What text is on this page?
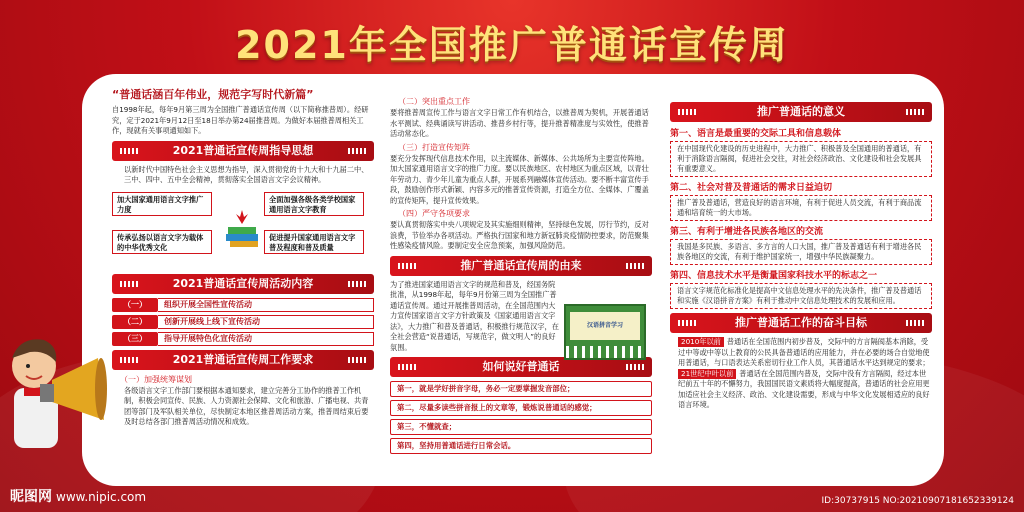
2021年全国推广普通话宣传周
“普通话涵百年伟业，规范字写时代新篇”
自1998年起，每年9月第三周为全国推广普通话宣传周（以下简称推普周）。经研究，定于2021年9月12日至18日举办第24届推普周。为做好本届推普周相关工作，现就有关事项通知如下。
2021普通话宣传周指导思想
以新时代中国特色社会主义思想为指导，深入贯彻党的十九大和十九届二中、三中、四中、五中全会精神，贯彻落实全国语言文字会议精神。
加大国家通用语言文字推广力度
全面加强各级各类学校国家通用语言文字教育
传承弘扬以语言文字为载体的中华优秀文化
促进提升国家通用语言文字普及程度和普及质量
2021普通话宣传周活动内容
（一）	组织开展全国性宣传活动
（二）	创新开展线上线下宣传活动
（三）	指导开展特色化宣传活动
2021普通话宣传周工作要求
（一）加强统筹谋划
各级语言文字工作部门要根据本通知要求，建立完善分工协作的推普工作机制，积极会同宣传、民族、人力资源社会保障、文化和旅游、广播电视、共青团等部门及军队相关单位，尽快制定本地区推普周活动方案，推普周结束后要及时总结各部门推普周活动情况和成效。
（二）突出重点工作
要将推普周宣传工作与语言文字日常工作有机结合，以推普周为契机，开展普通话水平测试、经典诵读写讲活动、推普乡村行等，提升推普精准度与实效性，使推普活动常态化。
（三）打造宣传矩阵
要充分发挥现代信息技术作用，以主流媒体、新媒体、公共场所为主要宣传阵地。加大国家通用语言文字的推广力度。要以民族地区、农村地区为重点区域，以青壮年劳动力、青少年儿童为重点人群，开展系列融媒体宣传活动。要不断丰富宣传手段，鼓励创作形式新颖、内容多元的推普宣传资源，打造全方位、全媒体、广覆盖的宣传矩阵，提升宣传效果。
（四）严守各项要求
要认真贯彻落实中央八项规定及其实施细则精神，坚持绿色发展，厉行节约，反对浪费，节俭举办各项活动。严格执行国家和地方新冠肺炎疫情防控要求，防范聚集性感染疫情风险。要制定安全应急预案，加强风险防范。
推广普通话宣传周的由来
为了推进国家通用语言文字的规范和普及，经国务院批准，从1998年起，每年9月份第三周为全国推广普通话宣传周。通过开展推普周活动，在全国范围内大力宣传国家语言文字方针政策及《国家通用语言文字法》，大力推广和普及普通话，积极推行规范汉字，在全社会营造“说普通话，写规范字，做文明人”的良好氛围。
如何说好普通话
第一，就是学好拼音字母，务必一定要掌握发音部位；
第二，尽量多读些拼音报上的文章等，锻炼说普通话的感觉；
第三，不懂就查；
第四，坚持用普通话进行日常会话。
汉语拼音学习
推广普通话的意义
第一、语言是最重要的交际工具和信息载体
在中国现代化建设的历史进程中，大力推广、积极普及全国通用的普通话，有利于消除语言隔阂，促进社会交往，对社会经济政治、文化建设和社会发展具有重要意义。
第二、社会对普及普通话的需求日益迫切
推广普及普通话，营造良好的语言环境，有利于促进人员交流，有利于商品流通和培育统一的大市场。
第三、有利于增进各民族各地区的交流
我国是多民族、多语言、多方言的人口大国，推广普及普通话有利于增进各民族各地区的交流，有利于维护国家统一，增强中华民族凝聚力。
第四、信息技术水平是衡量国家科技水平的标志之一
语言文字规范化标准化是提高中文信息处理水平的先决条件，推广普及普通话和实施《汉语拼音方案》有利于推动中文信息处理技术的发展和应用。
推广普通话工作的奋斗目标
2010年以前 普通话在全国范围内初步普及，交际中的方言隔阂基本消除，受过中等或中等以上教育的公民具备普通话的应用能力，并在必要的场合自觉地使用普通话，与口语表达关系密切行业工作人员，其普通话水平达到规定的要求；
21世纪中叶以前 普通话在全国范围内普及，交际中没有方言隔阂，经过本世纪前五十年的不懈努力，我国国民语文素质将大幅度提高，普通话的社会应用更加适应社会主义经济、政治、文化建设需要，形成与中华文化发展相适应的良好语言环境。
昵图网 www.nipic.com	ID:30737915 NO:20210907181652339124
